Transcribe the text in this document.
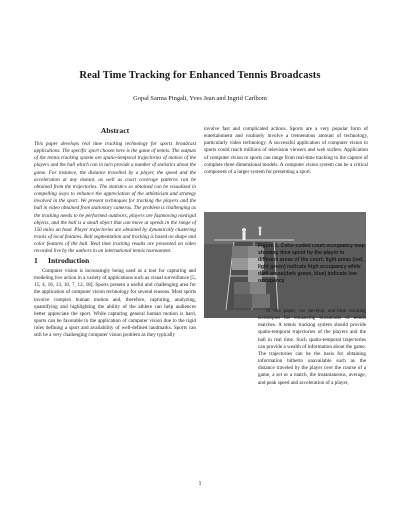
Real Time Tracking for Enhanced Tennis Broadcasts
Gopal Sarma Pingali, Yves Jean and Ingrid Carlbom
Abstract

This paper develops real time tracking technology for sports broadcast applications. The specific sport chosen here is the game of tennis. The outputs of the tennis tracking system are spatio-temporal trajectories of motion of the players and the ball which can in turn provide a number of statistics about the game. For instance, the distance travelled by a player, the speed and the acceleration at any instant, as well as court coverage patterns can be obtained from the trajectories. The statistics so obtained can be visualized in compelling ways to enhance the appreciation of the athleticism and strategy involved in the sport. We present techniques for tracking the players and the ball in video obtained from stationary cameras. The problem is challenging as the tracking needs to be performed outdoors, players are fastmoving nonrigid objects, and the ball is a small object that can move at speeds in the range of 150 miles an hour. Player trajectories are obtained by dynamically clustering tracks of local features. Ball segmentation and tracking is based on shape and color features of the ball. Real time tracking results are presented on video recorded live by the authors in an international tennis tournament.

1 Introduction

Computer vision is increasingly being used as a tool for capturing and modeling live action in a variety of applications such as visual surveillance [5, 15, 4, 16, 13, 10, 7, 12, 18]. Sports present a useful and challenging area for the application of computer vision technology for several reasons. Most sports involve complex human motion and, therefore, capturing, analyzing, quantifying and highlighting the ability of the athlete can help audiences better appreciate the sport. While capturing general human motion is hard, sports can be favorable to the application of computer vision due to the rigid rules defining a sport and availability of well-defined landmarks. Sports can still be a very challenging computer vision problem as they typically

involve fast and complicated actions. Sports are a very popular form of entertainment and routinely involve a tremendous amount of technology, particularly video technology. A successful application of computer vision to sports could reach millions of television viewers and web surfers. Application of computer vision to sports can range from real-time tracking to the capture of complete three dimensional models. A computer vision system can be a critical component of a larger system for presenting a sport.

Figure 1. Color-coded court occupancy map showing time spent by the player in different areas of the court; light areas (red, light green) indicate high occupancy while dark areas(dark green, blue) indicate low occupancy

In this paper, we develop real-time tracking techniques for enhancing broadcasts of tennis matches. A tennis tracking system should provide spatio-temporal trajectories of the players and the ball in real time. Such spatio-temporal trajectories can provide a wealth of information about the game. The trajectories can be the basis for obtaining information hitherto unavailable such as the distance traveled by the player over the course of a game, a set or a match, the instantaneous, average, and peak speed and acceleration of a player,

1
